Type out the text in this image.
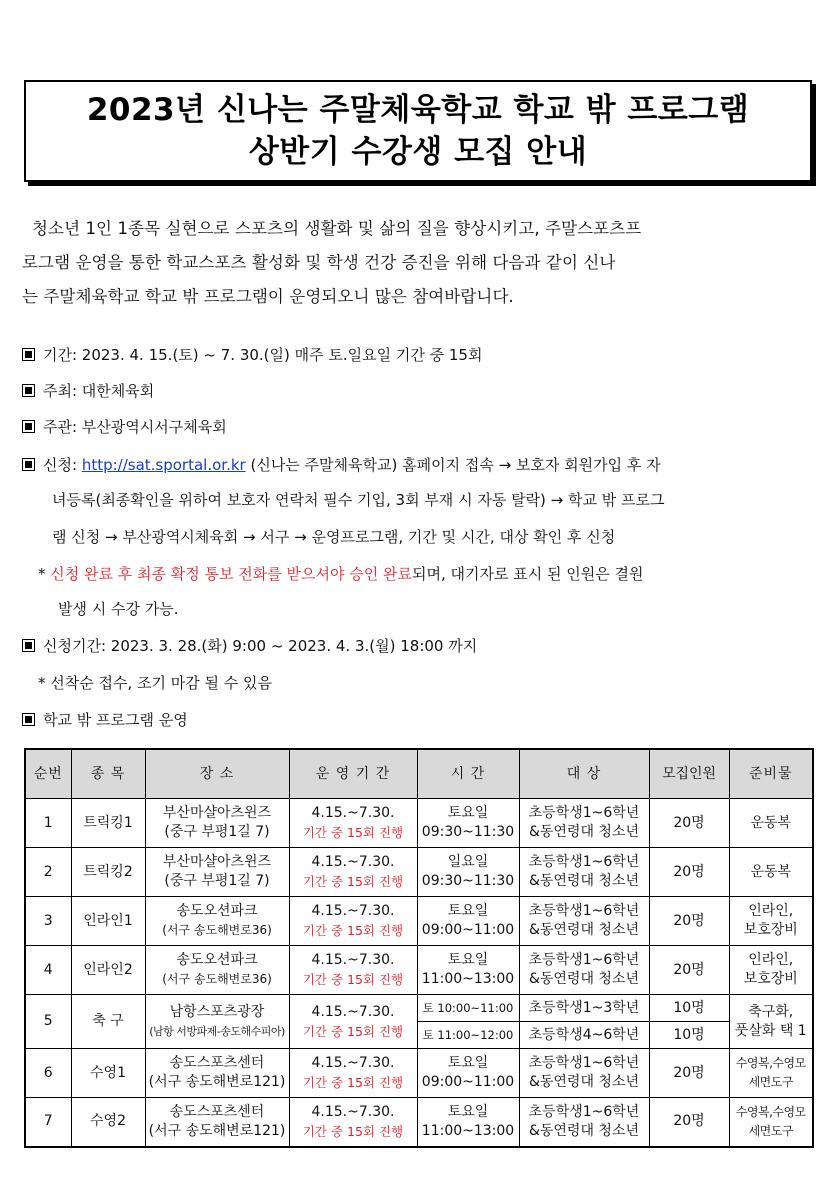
2023년 신나는 주말체육학교 학교 밖 프로그램
상반기 수강생 모집 안내
청소년 1인 1종목 실현으로 스포츠의 생활화 및 삶의 질을 향상시키고, 주말스포츠프
로그램 운영을 통한 학교스포츠 활성화 및 학생 건강 증진을 위해 다음과 같이 신나
는 주말체육학교 학교 밖 프로그램이 운영되오니 많은 참여바랍니다.
기간: 2023. 4. 15.(토) ~ 7. 30.(일) 매주 토.일요일 기간 중 15회
주최: 대한체육회
주관: 부산광역시서구체육회
신청: http://sat.sportal.or.kr (신나는 주말체육학교) 홈페이지 접속 → 보호자 회원가입 후 자
녀등록(최종확인을 위하여 보호자 연락처 필수 기입, 3회 부재 시 자동 탈락) → 학교 밖 프로그
램 신청 → 부산광역시체육회 → 서구 → 운영프로그램, 기간 및 시간, 대상 확인 후 신청
* 신청 완료 후 최종 확정 통보 전화를 받으셔야 승인 완료되며, 대기자로 표시 된 인원은 결원
발생 시 수강 가능.
신청기간: 2023. 3. 28.(화) 9:00 ~ 2023. 4. 3.(월) 18:00 까지
* 선착순 접수, 조기 마감 될 수 있음
학교 밖 프로그램 운영
순번	종 목	장 소	운 영 기 간	시 간	대 상	모집인원	준비물
1	트릭킹1	부산마샬아츠윈즈
(중구 부평1길 7)	4.15.~7.30.
기간 중 15회 진행	토요일
09:30~11:30	초등학생1~6학년
&동연령대 청소년	20명	운동복
2	트릭킹2	부산마샬아츠윈즈
(중구 부평1길 7)	4.15.~7.30.
기간 중 15회 진행	일요일
09:30~11:30	초등학생1~6학년
&동연령대 청소년	20명	운동복
3	인라인1	송도오션파크
(서구 송도해변로36)	4.15.~7.30.
기간 중 15회 진행	토요일
09:00~11:00	초등학생1~6학년
&동연령대 청소년	20명	인라인,
보호장비
4	인라인2	송도오션파크
(서구 송도해변로36)	4.15.~7.30.
기간 중 15회 진행	토요일
11:00~13:00	초등학생1~6학년
&동연령대 청소년	20명	인라인,
보호장비
5	축 구	남항스포츠광장
(남항 서방파제-송도해수피아)	4.15.~7.30.
기간 중 15회 진행	토 10:00~11:00	초등학생1~3학년	10명	축구화,
풋살화 택 1
				토 11:00~12:00	초등학생4~6학년	10명	
6	수영1	송도스포츠센터
(서구 송도해변로121)	4.15.~7.30.
기간 중 15회 진행	토요일
09:00~11:00	초등학생1~6학년
&동연령대 청소년	20명	수영복,수영모
세면도구
7	수영2	송도스포츠센터
(서구 송도해변로121)	4.15.~7.30.
기간 중 15회 진행	토요일
11:00~13:00	초등학생1~6학년
&동연령대 청소년	20명	수영복,수영모
세면도구
